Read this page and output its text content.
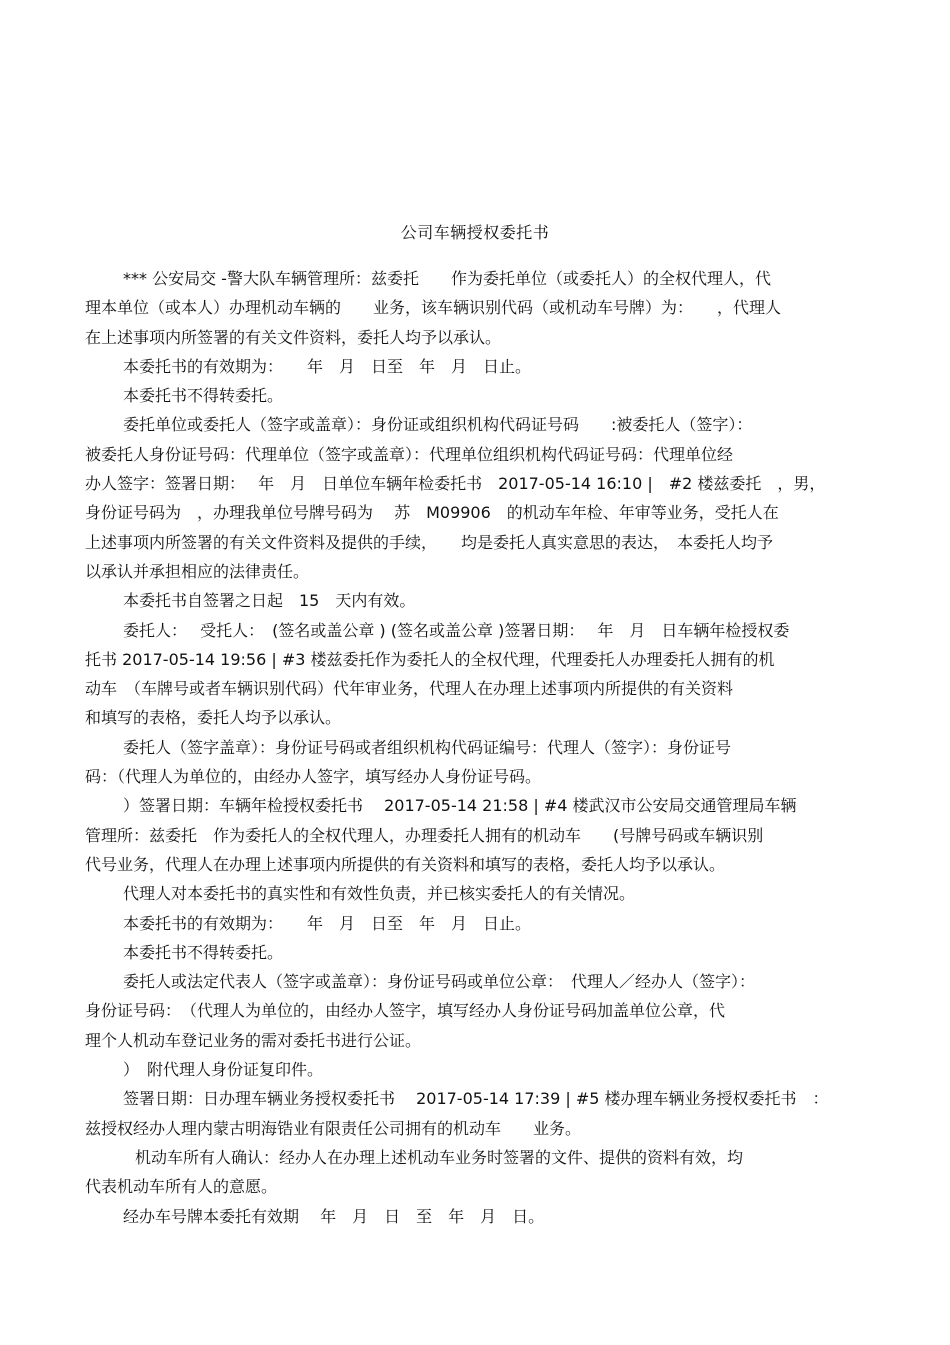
公司车辆授权委托书
*** 公安局交 -警大队车辆管理所：兹委托　　作为委托单位（或委托人）的全权代理人，代
理本单位（或本人）办理机动车辆的　　业务，该车辆识别代码（或机动车号牌）为：　　，代理人
在上述事项内所签署的有关文件资料，委托人均予以承认。
本委托书的有效期为：　　年　月　日至　年　月　日止。
本委托书不得转委托。
委托单位或委托人（签字或盖章）：身份证或组织机构代码证号码　　:被委托人（签字）：
被委托人身份证号码：代理单位（签字或盖章）：代理单位组织机构代码证号码：代理单位经
办人签字：签署日期：　 年　月　日单位车辆年检委托书　2017-05-14 16:10 |　#2 楼兹委托　，男，
身份证号码为　，办理我单位号牌号码为　 苏　M09906　的机动车年检、年审等业务，受托人在
上述事项内所签署的有关文件资料及提供的手续，　　均是委托人真实意思的表达，　本委托人均予
以承认并承担相应的法律责任。
本委托书自签署之日起　15　天内有效。
委托人：　 受托人：　(签名或盖公章 ) (签名或盖公章 )签署日期：　 年　月　日车辆年检授权委
托书 2017-05-14 19:56 | #3 楼兹委托作为委托人的全权代理，代理委托人办理委托人拥有的机
动车　（车牌号或者车辆识别代码）代年审业务，代理人在办理上述事项内所提供的有关资料
和填写的表格，委托人均予以承认。
委托人（签字盖章）：身份证号码或者组织机构代码证编号：代理人（签字）：身份证号
码：（代理人为单位的，由经办人签字，填写经办人身份证号码。
）签署日期：车辆年检授权委托书　 2017-05-14 21:58 | #4 楼武汉市公安局交通管理局车辆
管理所：兹委托　作为委托人的全权代理人，办理委托人拥有的机动车　　(号牌号码或车辆识别
代号业务，代理人在办理上述事项内所提供的有关资料和填写的表格，委托人均予以承认。
代理人对本委托书的真实性和有效性负责，并已核实委托人的有关情况。
本委托书的有效期为：　　年　月　日至　年　月　日止。
本委托书不得转委托。
委托人或法定代表人（签字或盖章）：身份证号码或单位公章：　代理人／经办人（签字）：
身份证号码：　（代理人为单位的，由经办人签字，填写经办人身份证号码加盖单位公章，代
理个人机动车登记业务的需对委托书进行公证。
）　附代理人身份证复印件。
签署日期：日办理车辆业务授权委托书　 2017-05-14 17:39 | #5 楼办理车辆业务授权委托书　：
兹授权经办人理内蒙古明海锆业有限责任公司拥有的机动车　　业务。
机动车所有人确认：经办人在办理上述机动车业务时签署的文件、提供的资料有效，均
代表机动车所有人的意愿。
经办车号牌本委托有效期　 年　月　日　至　年　月　日。
